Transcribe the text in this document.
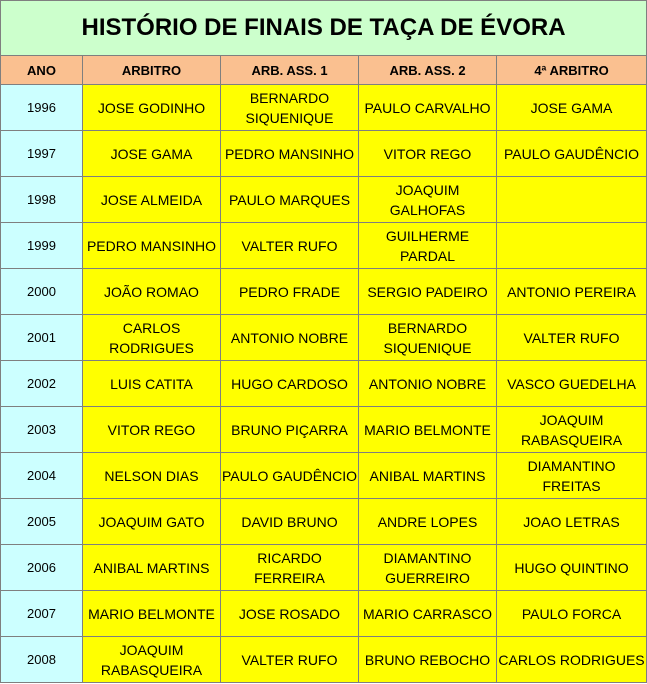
HISTÓRIO DE FINAIS DE TAÇA DE ÉVORA				
ANO	ARBITRO	ARB. ASS. 1	ARB. ASS. 2	4ª ARBITRO
1996	JOSE GODINHO	BERNARDO SIQUENIQUE	PAULO CARVALHO	JOSE GAMA
1997	JOSE GAMA	PEDRO MANSINHO	VITOR REGO	PAULO GAUDÊNCIO
1998	JOSE ALMEIDA	PAULO MARQUES	JOAQUIM GALHOFAS	
1999	PEDRO MANSINHO	VALTER RUFO	GUILHERME PARDAL	
2000	JOÃO ROMAO	PEDRO FRADE	SERGIO PADEIRO	ANTONIO PEREIRA
2001	CARLOS RODRIGUES	ANTONIO NOBRE	BERNARDO SIQUENIQUE	VALTER RUFO
2002	LUIS CATITA	HUGO CARDOSO	ANTONIO NOBRE	VASCO GUEDELHA
2003	VITOR REGO	BRUNO PIÇARRA	MARIO BELMONTE	JOAQUIM RABASQUEIRA
2004	NELSON DIAS	PAULO GAUDÊNCIO	ANIBAL MARTINS	DIAMANTINO FREITAS
2005	JOAQUIM GATO	DAVID BRUNO	ANDRE LOPES	JOAO LETRAS
2006	ANIBAL MARTINS	RICARDO FERREIRA	DIAMANTINO GUERREIRO	HUGO QUINTINO
2007	MARIO BELMONTE	JOSE ROSADO	MARIO CARRASCO	PAULO FORCA
2008	JOAQUIM RABASQUEIRA	VALTER RUFO	BRUNO REBOCHO	CARLOS RODRIGUES
